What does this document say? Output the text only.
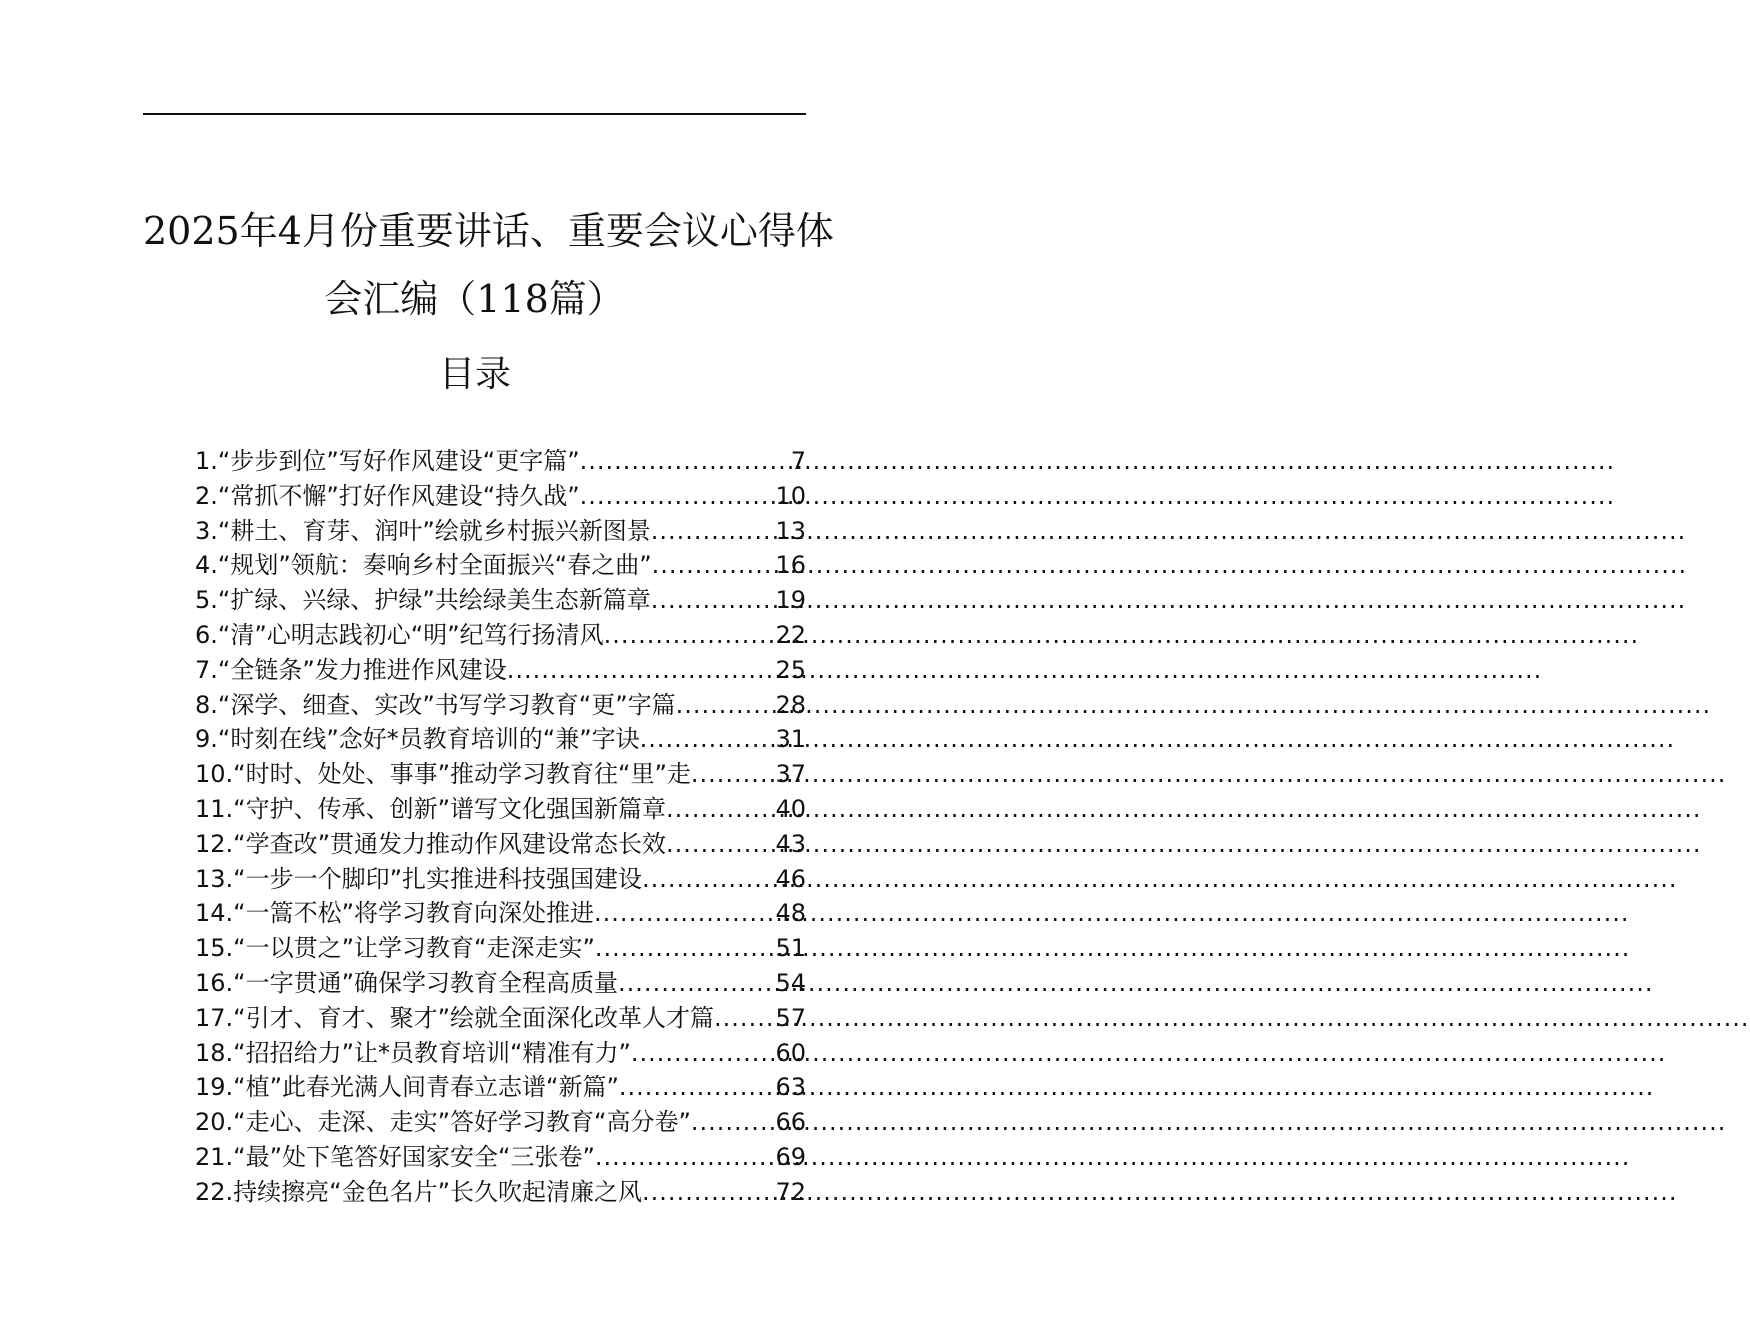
2025年4月份重要讲话、重要会议心得体
会汇编（118篇）
目录
1.“步步到位”写好作风建设“更字篇” .....	7
2.“常抓不懈”打好作风建设“持久战” .....	10
3.“耕土、育芽、润叶”绘就乡村振兴新图景 .....	13
4.“规划”领航：奏响乡村全面振兴“春之曲” .....	16
5.“扩绿、兴绿、护绿”共绘绿美生态新篇章 .....	19
6.“清”心明志践初心“明”纪笃行扬清风 .....	22
7.“全链条”发力推进作风建设 .....	25
8.“深学、细查、实改”书写学习教育“更”字篇 .....	28
9.“时刻在线”念好*员教育培训的“兼”字诀 .....	31
10.“时时、处处、事事”推动学习教育往“里”走 .....	37
11.“守护、传承、创新”谱写文化强国新篇章 .....	40
12.“学查改”贯通发力推动作风建设常态长效 .....	43
13.“一步一个脚印”扎实推进科技强国建设 .....	46
14.“一篙不松”将学习教育向深处推进 .....	48
15.“一以贯之”让学习教育“走深走实” .....	51
16.“一字贯通”确保学习教育全程高质量 .....	54
17.“引才、育才、聚才”绘就全面深化改革人才篇 .....	57
18.“招招给力”让*员教育培训“精准有力” .....	60
19.“植”此春光满人间青春立志谱“新篇” .....	63
20.“走心、走深、走实”答好学习教育“高分卷” .....	66
21.“最”处下笔答好国家安全“三张卷” .....	69
22.持续擦亮“金色名片”长久吹起清廉之风 .....	72
